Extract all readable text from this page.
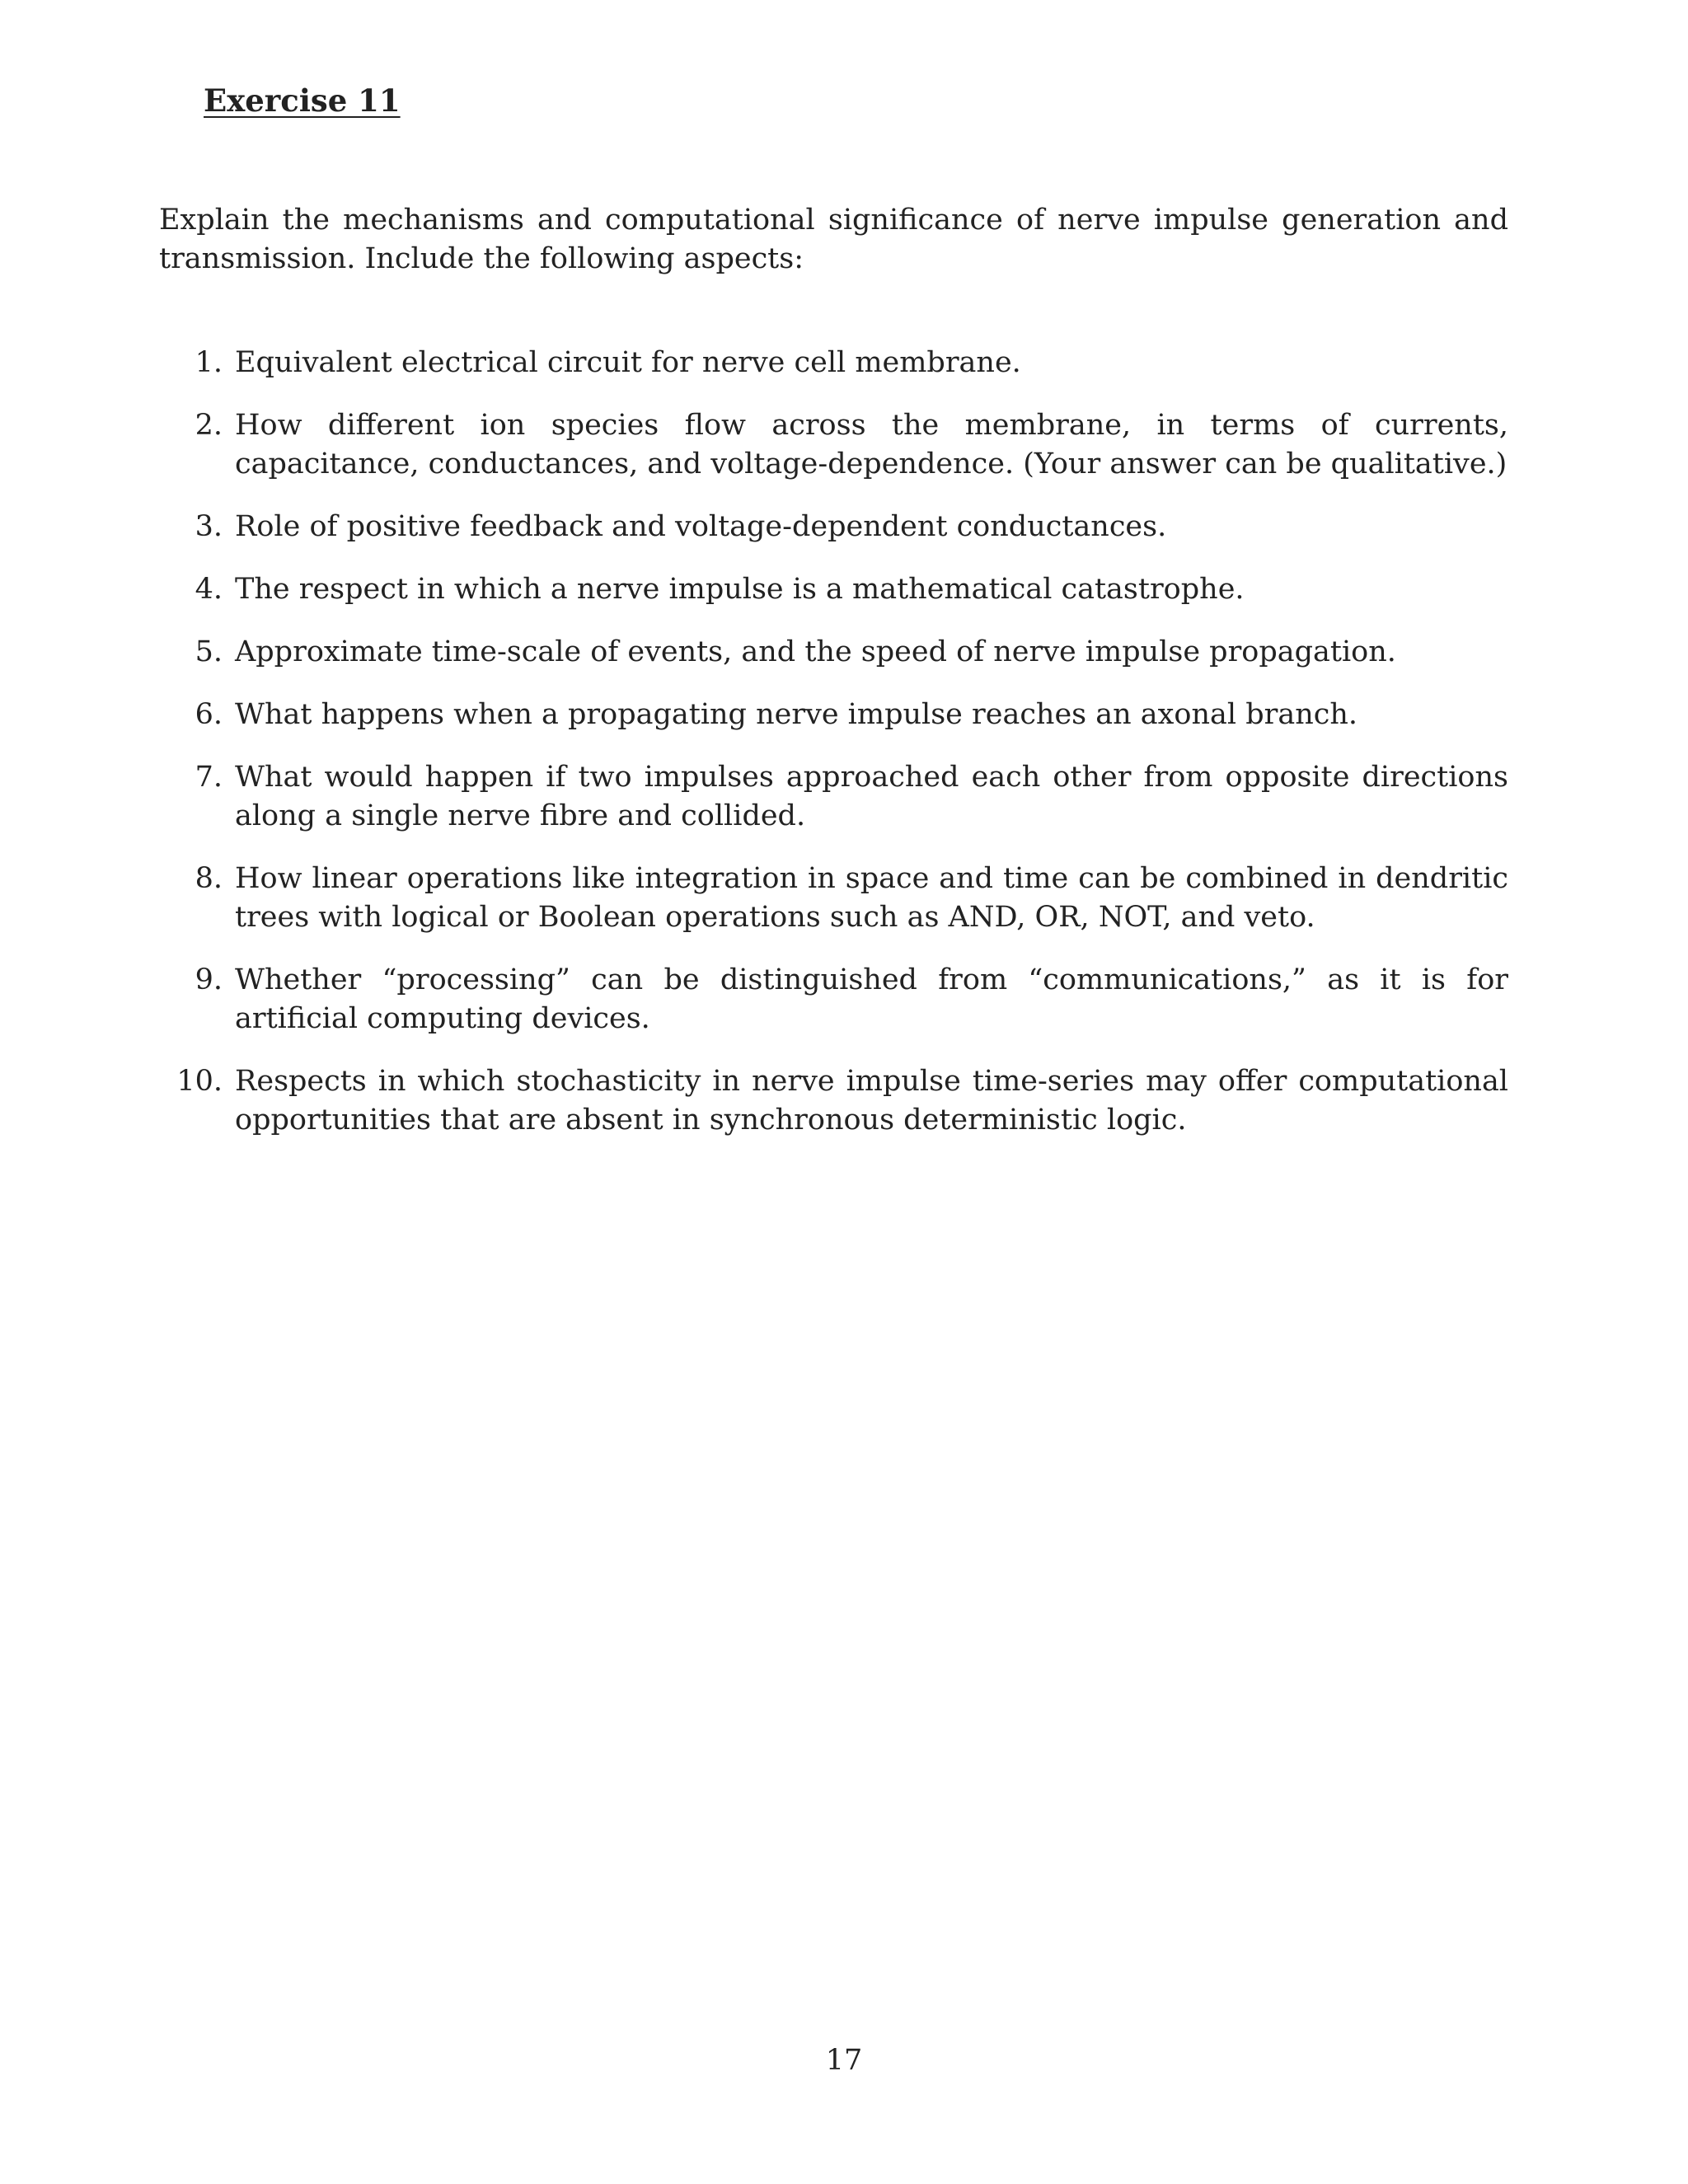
Exercise 11

Explain the mechanisms and computational significance of nerve impulse generation and transmission. Include the following aspects:

1. Equivalent electrical circuit for nerve cell membrane.
2. How different ion species flow across the membrane, in terms of currents, capacitance, conductances, and voltage-dependence. (Your answer can be qualitative.)
3. Role of positive feedback and voltage-dependent conductances.
4. The respect in which a nerve impulse is a mathematical catastrophe.
5. Approximate time-scale of events, and the speed of nerve impulse propagation.
6. What happens when a propagating nerve impulse reaches an axonal branch.
7. What would happen if two impulses approached each other from opposite directions along a single nerve fibre and collided.
8. How linear operations like integration in space and time can be combined in dendritic trees with logical or Boolean operations such as AND, OR, NOT, and veto.
9. Whether “processing” can be distinguished from “communications,” as it is for artificial computing devices.
10. Respects in which stochasticity in nerve impulse time-series may offer computational opportunities that are absent in synchronous deterministic logic.

17
